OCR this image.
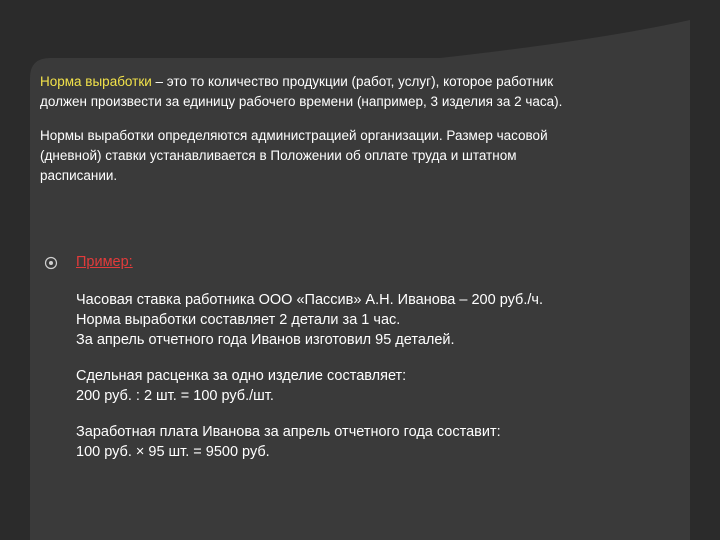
Норма выработки – это то количество продукции (работ, услуг), которое работник
должен произвести за единицу рабочего времени (например, 3 изделия за 2 часа).

Нормы выработки определяются администрацией организации. Размер часовой
(дневной) ставки устанавливается в Положении об оплате труда и штатном
расписании.

Пример:

Часовая ставка работника ООО «Пассив» А.Н. Иванова – 200 руб./ч.
Норма выработки составляет 2 детали за 1 час.
За апрель отчетного года Иванов изготовил 95 деталей.

Сдельная расценка за одно изделие составляет:
200 руб. : 2 шт. = 100 руб./шт.

Заработная плата Иванова за апрель отчетного года составит:
100 руб. × 95 шт. = 9500 руб.
